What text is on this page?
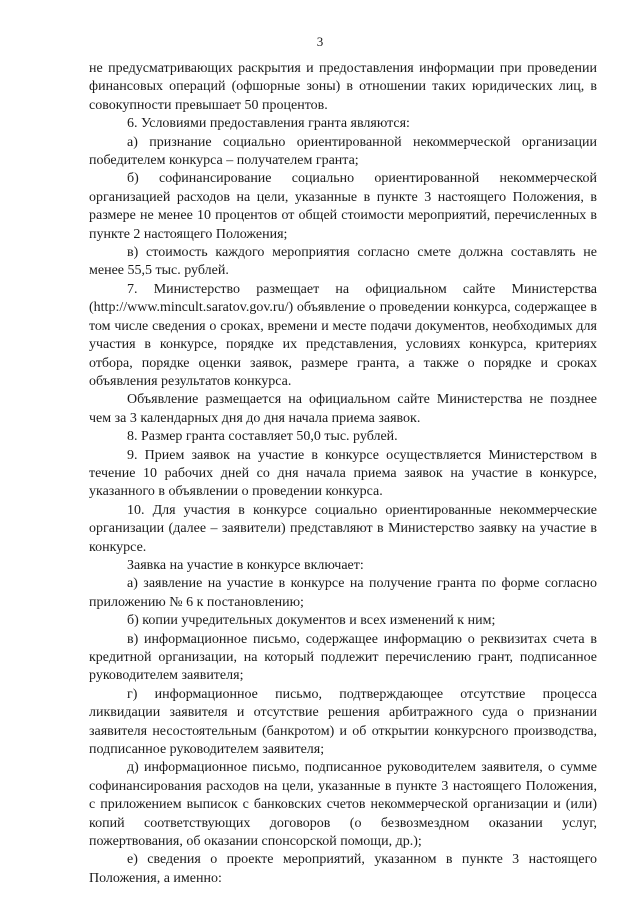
3

не предусматривающих раскрытия и предоставления информации при проведении финансовых операций (офшорные зоны) в отношении таких юридических лиц, в совокупности превышает 50 процентов.

6. Условиями предоставления гранта являются:

а) признание социально ориентированной некоммерческой организации победителем конкурса – получателем гранта;

б) софинансирование социально ориентированной некоммерческой организацией расходов на цели, указанные в пункте 3 настоящего Положения, в размере не менее 10 процентов от общей стоимости мероприятий, перечисленных в пункте 2 настоящего Положения;

в) стоимость каждого мероприятия согласно смете должна составлять не менее 55,5 тыс. рублей.

7. Министерство размещает на официальном сайте Министерства (http://www.mincult.saratov.gov.ru/) объявление о проведении конкурса, содержащее в том числе сведения о сроках, времени и месте подачи документов, необходимых для участия в конкурсе, порядке их представления, условиях конкурса, критериях отбора, порядке оценки заявок, размере гранта, а также о порядке и сроках объявления результатов конкурса.

Объявление размещается на официальном сайте Министерства не позднее чем за 3 календарных дня до дня начала приема заявок.

8. Размер гранта составляет 50,0 тыс. рублей.

9. Прием заявок на участие в конкурсе осуществляется Министерством в течение 10 рабочих дней со дня начала приема заявок на участие в конкурсе, указанного в объявлении о проведении конкурса.

10. Для участия в конкурсе социально ориентированные некоммерческие организации (далее – заявители) представляют в Министерство заявку на участие в конкурсе.

Заявка на участие в конкурсе включает:

а) заявление на участие в конкурсе на получение гранта по форме согласно приложению № 6 к постановлению;

б) копии учредительных документов и всех изменений к ним;

в) информационное письмо, содержащее информацию о реквизитах счета в кредитной организации, на который подлежит перечислению грант, подписанное руководителем заявителя;

г) информационное письмо, подтверждающее отсутствие процесса ликвидации заявителя и отсутствие решения арбитражного суда о признании заявителя несостоятельным (банкротом) и об открытии конкурсного производства, подписанное руководителем заявителя;

д) информационное письмо, подписанное руководителем заявителя, о сумме софинансирования расходов на цели, указанные в пункте 3 настоящего Положения, с приложением выписок с банковских счетов некоммерческой организации и (или) копий соответствующих договоров (о безвозмездном оказании услуг, пожертвования, об оказании спонсорской помощи, др.);

е) сведения о проекте мероприятий, указанном в пункте 3 настоящего Положения, а именно:
